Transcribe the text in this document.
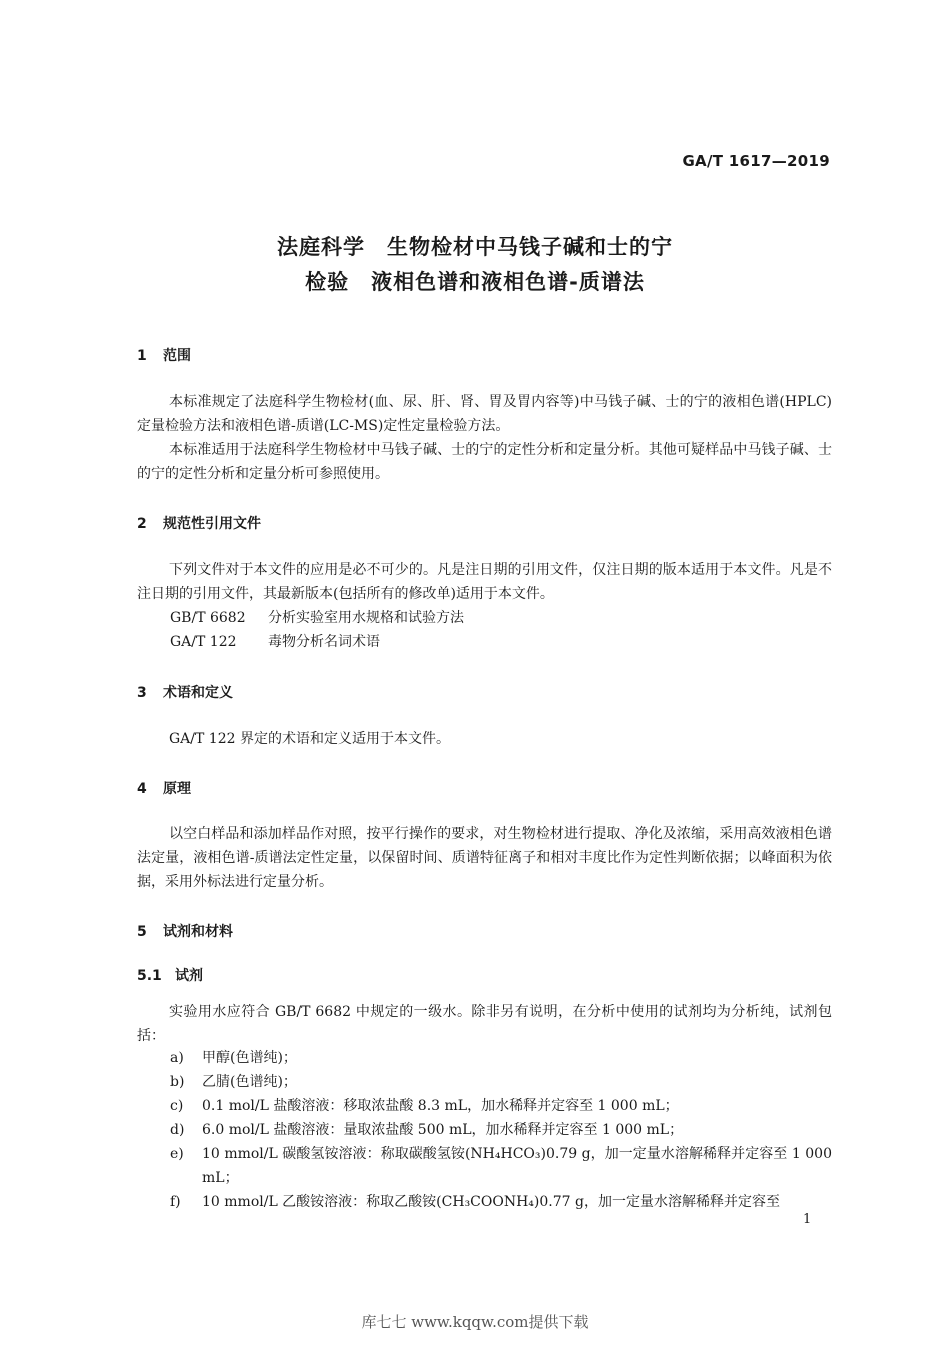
GA/T 1617—2019
法庭科学　生物检材中马钱子碱和士的宁
检验　液相色谱和液相色谱-质谱法
1 范围

本标准规定了法庭科学生物检材(血、尿、肝、肾、胃及胃内容等)中马钱子碱、士的宁的液相色谱(HPLC)定量检验方法和液相色谱-质谱(LC-MS)定性定量检验方法。

本标准适用于法庭科学生物检材中马钱子碱、士的宁的定性分析和定量分析。其他可疑样品中马钱子碱、士的宁的定性分析和定量分析可参照使用。

2 规范性引用文件

下列文件对于本文件的应用是必不可少的。凡是注日期的引用文件，仅注日期的版本适用于本文件。凡是不注日期的引用文件，其最新版本(包括所有的修改单)适用于本文件。

GB/T 6682 分析实验室用水规格和试验方法
GA/T 122 毒物分析名词术语
3 术语和定义

GA/T 122 界定的术语和定义适用于本文件。

4 原理

以空白样品和添加样品作对照，按平行操作的要求，对生物检材进行提取、净化及浓缩，采用高效液相色谱法定量，液相色谱-质谱法定性定量，以保留时间、质谱特征离子和相对丰度比作为定性判断依据；以峰面积为依据，采用外标法进行定量分析。

5 试剂和材料
5.1 试剂

实验用水应符合 GB/T 6682 中规定的一级水。除非另有说明，在分析中使用的试剂均为分析纯，试剂包括：

a) 甲醇(色谱纯)；
b) 乙腈(色谱纯)；
c) 0.1 mol/L 盐酸溶液：移取浓盐酸 8.3 mL，加水稀释并定容至 1 000 mL；
d) 6.0 mol/L 盐酸溶液：量取浓盐酸 500 mL，加水稀释并定容至 1 000 mL；
e) 10 mmol/L 碳酸氢铵溶液：称取碳酸氢铵(NH₄HCO₃)0.79 g，加一定量水溶解稀释并定容至 1 000 mL；
f) 10 mmol/L 乙酸铵溶液：称取乙酸铵(CH₃COONH₄)0.77 g，加一定量水溶解稀释并定容至
1
库七七 www.kqqw.com提供下载
